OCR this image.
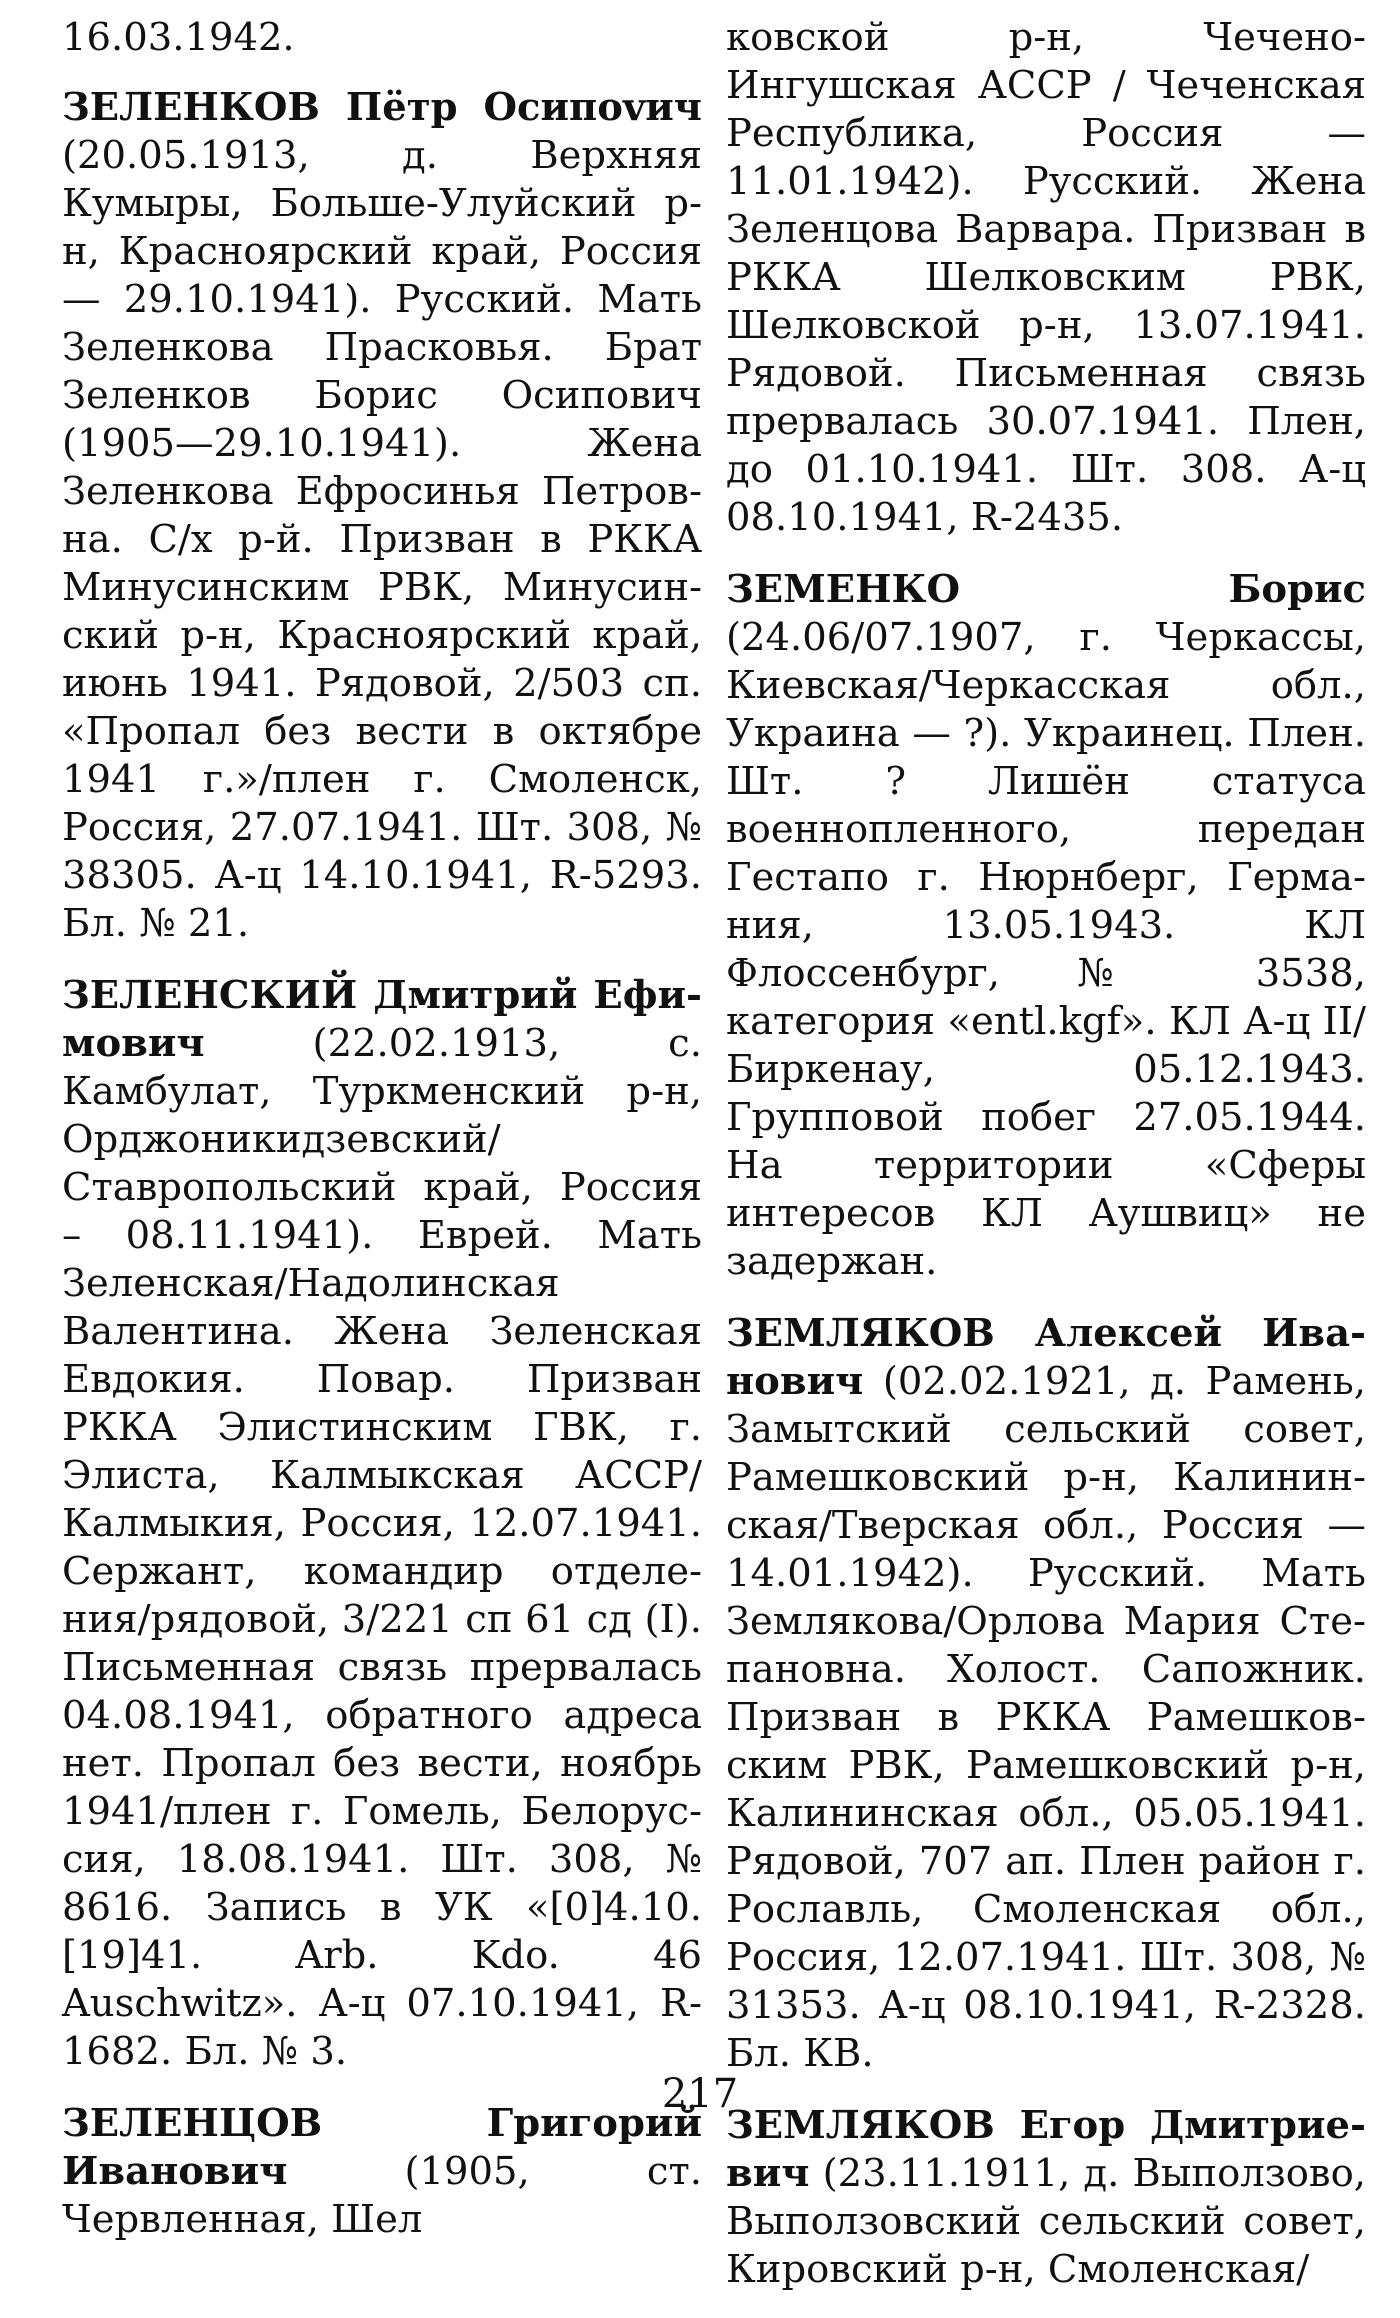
16.03.1942.

ЗЕЛЕНКОВ Пётр Осипоvич (20.05.1913, д. Верхняя Кумыры, Больше-Улуйский р-н, Красноярский край, Россия — 29.10.1941). Русский. Мать Зеленкова Прасковья. Брат Зеленков Борис Осипович (1905—29.10.1941). Жена Зеленкова Ефросинья Петровна. С/х р-й. Призван в РККА Минусинским РВК, Минусинский р-н, Красноярский край, июнь 1941. Рядовой, 2/503 сп. «Пропал без вести в октябре 1941 г.»/плен г. Смоленск, Россия, 27.07.1941. Шт. 308, № 38305. А-ц 14.10.1941, R-5293. Бл. № 21.

ЗЕЛЕНСКИЙ Дмитрий Ефимович (22.02.1913, с. Камбулат, Туркменский р-н, Орджоникидзевский/Ставропольский край, Россия – 08.11.1941). Еврей. Мать Зеленская/Надолинская Валентина. Жена Зеленская Евдокия. Повар. Призван РККА Элистинским ГВК, г. Элиста, Калмыкская АССР/ Калмыкия, Россия, 12.07.1941. Сержант, командир отделения/рядовой, 3/221 сп 61 сд (I). Письменная связь прервалась 04.08.1941, обратного адреса нет. Пропал без вести, ноябрь 1941/плен г. Гомель, Белоруссия, 18.08.1941. Шт. 308, № 8616. Запись в УК «[0]4.10.[19]41. Arb. Kdo. 46 Auschwitz». А-ц 07.10.1941, R-1682. Бл. № 3.

ЗЕЛЕНЦОВ Григорий Иванович (1905, ст. Червленная, Шел

ковской р-н, Чечено-Ингушская АССР / Чеченская Республика, Россия — 11.01.1942). Русский. Жена Зеленцова Варвара. Призван в РККА Шелковским РВК, Шелковской р-н, 13.07.1941. Рядовой. Письменная связь прервалась 30.07.1941. Плен, до 01.10.1941. Шт. 308. А-ц 08.10.1941, R-2435.

ЗЕМЕНКО Борис (24.06/07.1907, г. Черкассы, Киевская/Черкасская обл., Украина — ?). Украинец. Плен. Шт. ? Лишён статуса военнопленного, передан Гестапо г. Нюрнберг, Германия, 13.05.1943. КЛ Флоссенбург, № 3538, категория «entl.kgf». КЛ А-ц II/Биркенау, 05.12.1943. Групповой побег 27.05.1944. На территории «Сферы интересов КЛ Аушвиц» не задержан.

ЗЕМЛЯКОВ Алексей Иванович (02.02.1921, д. Рамень, Замытский сельский совет, Рамешковский р-н, Калининская/Тверская обл., Россия — 14.01.1942). Русский. Мать Землякова/Орлова Мария Степановна. Холост. Сапожник. Призван в РККА Рамешковским РВК, Рамешковский р-н, Калининская обл., 05.05.1941. Рядовой, 707 ап. Плен район г. Рославль, Смоленская обл., Россия, 12.07.1941. Шт. 308, № 31353. А-ц 08.10.1941, R-2328. Бл. КВ.

ЗЕМЛЯКОВ Егор Дмитриевич (23.11.1911, д. Выползово, Выползовский сельский совет, Кировский р-н, Смоленская/

217
